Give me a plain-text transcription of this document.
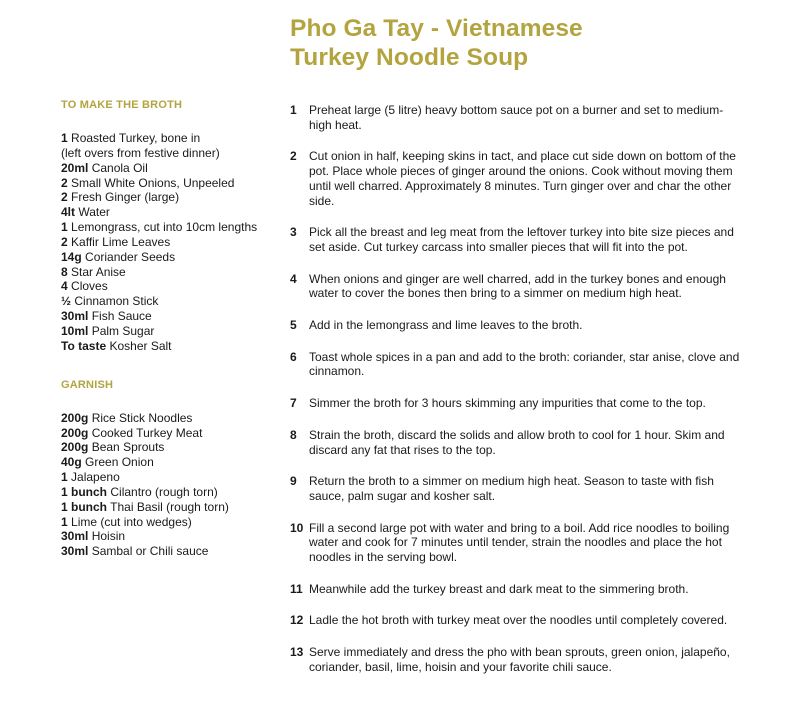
Pho Ga Tay - Vietnamese
Turkey Noodle Soup
TO MAKE THE BROTH
1 Roasted Turkey, bone in
(left overs from festive dinner)
20ml Canola Oil
2 Small White Onions, Unpeeled
2 Fresh Ginger (large)
4lt Water
1 Lemongrass, cut into 10cm lengths
2 Kaffir Lime Leaves
14g Coriander Seeds
8 Star Anise
4 Cloves
½ Cinnamon Stick
30ml Fish Sauce
10ml Palm Sugar
To taste Kosher Salt
GARNISH
200g Rice Stick Noodles
200g Cooked Turkey Meat
200g Bean Sprouts
40g Green Onion
1 Jalapeno
1 bunch Cilantro (rough torn)
1 bunch Thai Basil (rough torn)
1 Lime (cut into wedges)
30ml Hoisin
30ml Sambal or Chili sauce
1 Preheat large (5 litre) heavy bottom sauce pot on a burner and set to medium-high heat.
2 Cut onion in half, keeping skins in tact, and place cut side down on bottom of the pot. Place whole pieces of ginger around the onions. Cook without moving them until well charred. Approximately 8 minutes. Turn ginger over and char the other side.
3 Pick all the breast and leg meat from the leftover turkey into bite size pieces and set aside. Cut turkey carcass into smaller pieces that will fit into the pot.
4 When onions and ginger are well charred, add in the turkey bones and enough water to cover the bones then bring to a simmer on medium high heat.
5 Add in the lemongrass and lime leaves to the broth.
6 Toast whole spices in a pan and add to the broth: coriander, star anise, clove and cinnamon.
7 Simmer the broth for 3 hours skimming any impurities that come to the top.
8 Strain the broth, discard the solids and allow broth to cool for 1 hour. Skim and discard any fat that rises to the top.
9 Return the broth to a simmer on medium high heat. Season to taste with fish sauce, palm sugar and kosher salt.
10 Fill a second large pot with water and bring to a boil. Add rice noodles to boiling water and cook for 7 minutes until tender, strain the noodles and place the hot noodles in the serving bowl.
11 Meanwhile add the turkey breast and dark meat to the simmering broth.
12 Ladle the hot broth with turkey meat over the noodles until completely covered.
13 Serve immediately and dress the pho with bean sprouts, green onion, jalapeño, coriander, basil, lime, hoisin and your favorite chili sauce.
